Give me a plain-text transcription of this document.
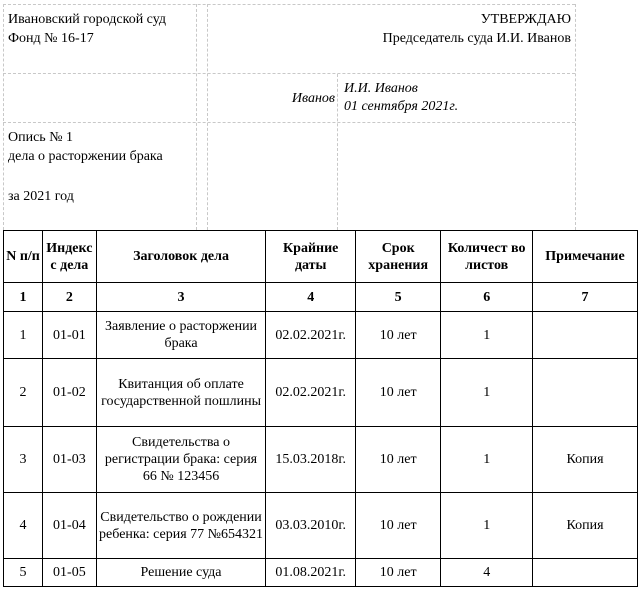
Ивановский городской суд
Фонд № 16-17
УТВЕРЖДАЮ
Председатель суда И.И. Иванов
Иванов
И.И. Иванов
01 сентября 2021г.
Опись № 1
дела о расторжении брака
за 2021 год
N п/п	Индекс с дела	Заголовок дела	Крайние даты	Срок хранения	Количест во листов	Примечание
1	2	3	4	5	6	7
1	01-01	Заявление о расторжении брака	02.02.2021г.	10 лет	1	
2	01-02	Квитанция об оплате государственной пошлины	02.02.2021г.	10 лет	1	
3	01-03	Свидетельства о регистрации брака: серия 66 № 123456	15.03.2018г.	10 лет	1	Копия
4	01-04	Свидетельство о рождении ребенка: серия 77 №654321	03.03.2010г.	10 лет	1	Копия
5	01-05	Решение суда	01.08.2021г.	10 лет	4	
